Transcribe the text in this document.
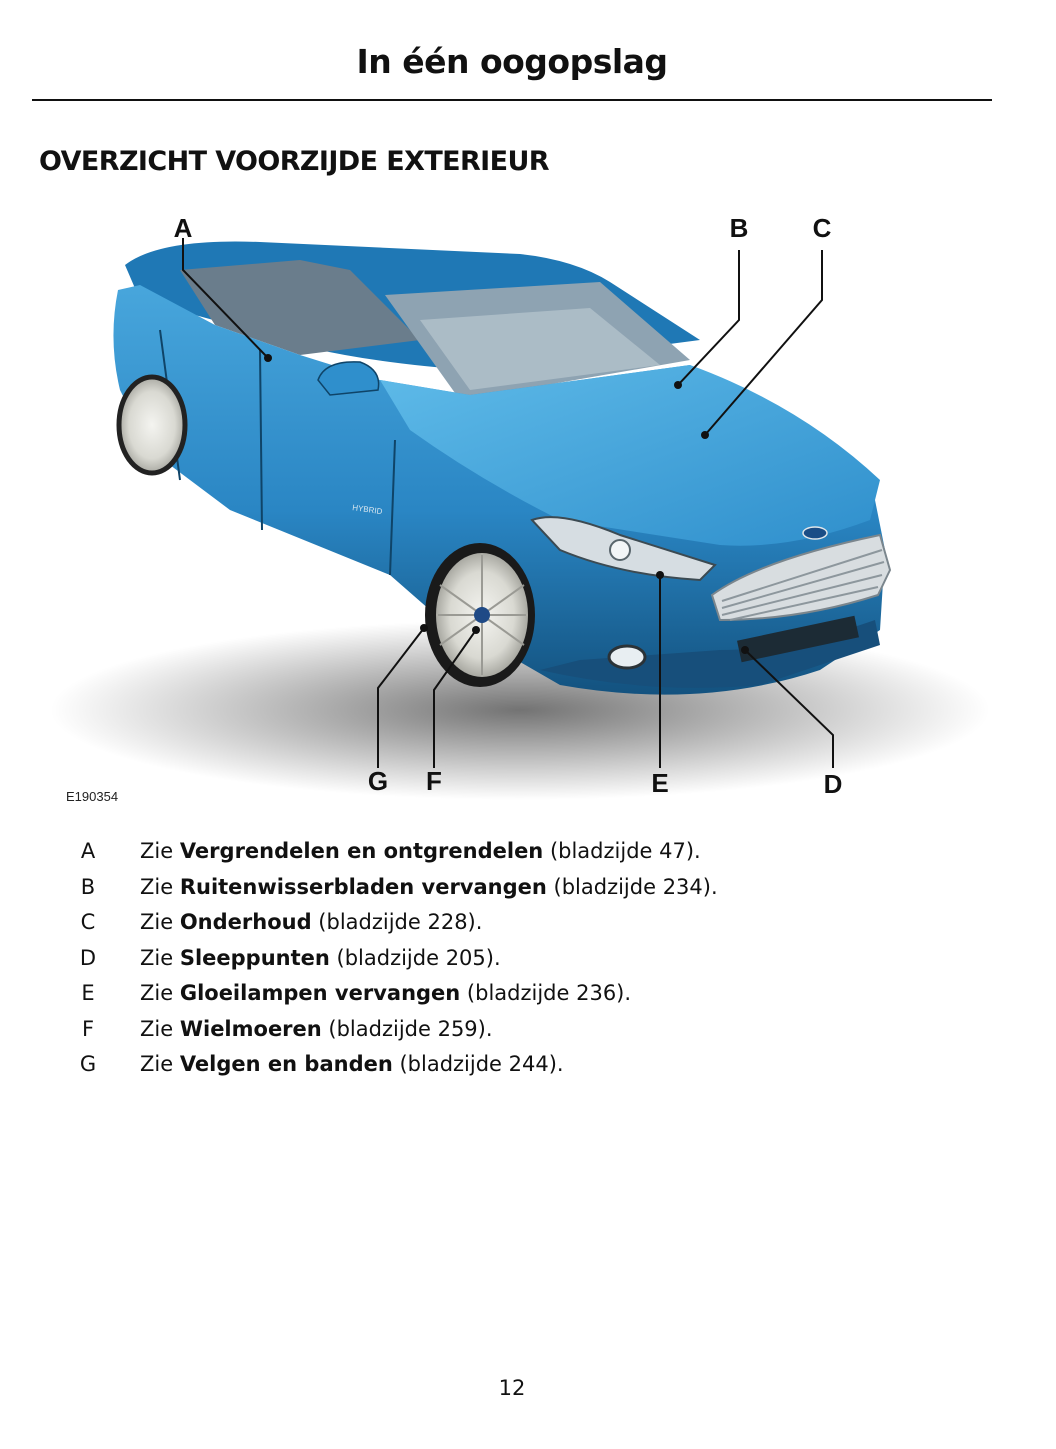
In één oogopslag
OVERZICHT VOORZIJDE EXTERIEUR
HYBRID
A	B C
D
E
F
G
E190354
A Zie Vergrendelen en ontgrendelen (bladzijde 47).
B Zie Ruitenwisserbladen vervangen (bladzijde 234).
C Zie Onderhoud (bladzijde 228).
D Zie Sleeppunten (bladzijde 205).
E Zie Gloeilampen vervangen (bladzijde 236).
F Zie Wielmoeren (bladzijde 259).
G Zie Velgen en banden (bladzijde 244).
12
